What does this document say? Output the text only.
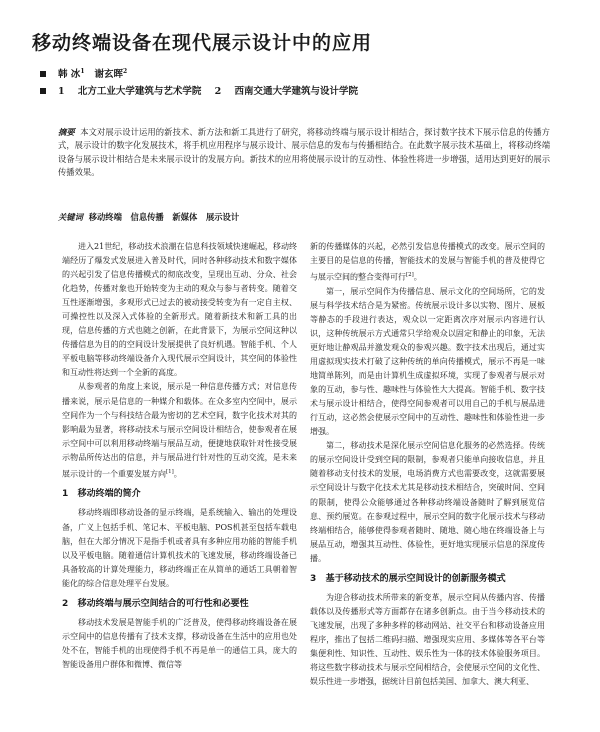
移动终端设备在现代展示设计中的应用
韩 冰$^1$ 谢玄晖$^2$
1 北方工业大学建筑与艺术学院 2 西南交通大学建筑与设计学院
摘要 本文对展示设计运用的新技术、新方法和新工具进行了研究，将移动终端与展示设计相结合，探讨数字技术下展示信息的传播方式，展示设计的数字化发展技术，将手机应用程序与展示设计、展示信息的发布与传播相结合。在此数字展示技术基础上，将移动终端设备与展示设计相结合是未来展示设计的发展方向。新技术的应用将使展示设计的互动性、体验性将进一步增强，适用达到更好的展示传播效果。
关键词 移动终端   信息传播   新媒体   展示设计

进入21世纪，移动技术浪潮在信息科技领域快速崛起，移动终端经历了爆发式发展进入普及时代，同时各种移动技术和数字媒体的兴起引发了信息传播模式的彻底改变，呈现出互动、分众、社会化趋势，传播对象也开始转变为主动的观众与参与者转变。随着交互性逐渐增强，多观形式已过去的被动接受转变为有一定自主权、可操控性以及深入式体验的全新形式。随着新技术和新工具的出现，信息传播的方式也随之创新，在此背景下，为展示空间这种以传播信息为目的的空间设计发展提供了良好机遇。智能手机、个人平板电脑等移动终端设备介入现代展示空间设计，其空间的体验性和互动性将达到一个全新的高度。

从参观者的角度上来说，展示是一种信息传播方式；对信息传播来说，展示是信息的一种媒介和载体。在众多室内空间中，展示空间作为一个与科技结合最为密切的艺术空间，数字化技术对其的影响最为显著，将移动技术与展示空间设计相结合，使参观者在展示空间中可以利用移动终端与展品互动，便捷地获取针对性接受展示物品所传达出的信息，并与展品进行针对性的互动交流，是未来展示设计的一个重要发展方向[1]。

1   移动终端的简介

移动终端即移动设备的显示终端，是系统输入、输出的处理设备，广义上包括手机、笔记本、平板电脑、POS机甚至包括车载电脑，但在大部分情况下是指手机或者具有多种应用功能的智能手机以及平板电脑。随着通信计算机技术的飞速发展，移动终端设备已具备较高的计算处理能力，移动终端正在从简单的通话工具朝着智能化的综合信息处理平台发展。

2   移动终端与展示空间结合的可行性和必要性

移动技术发展是智能手机的广泛普及，使得移动终端设备在展示空间中的信息传播有了技术支撑，移动设备在生活中的应用也处处不在，智能手机的出现使得手机不再是单一的通信工具，庞大的智能设备用户群体和微博、微信等

新的传播媒体的兴起，必然引发信息传播模式的改变。展示空间的主要目的是信息的传播，智能技术的发展与智能手机的普及使得它与展示空间的整合变得可行[2]。

第一，展示空间作为传播信息、展示文化的空间场所，它的发展与科学技术结合是为紧密。传统展示设计多以实物、图片、展板等静态的手段进行表达，观众以一定距离次序对展示内容进行认识，这种传统展示方式通常只学给观众以固定和静止的印象，无法更好地让静观品并激发观众的参观兴趣。数字技术出现后，通过实用虚拟现实技术打破了这种传统的单向传播模式，展示不再是一味地简单陈列，而是由计算机生成虚拟环境，实现了参观者与展示对象的互动，参与性、趣味性与体验性大大提高。智能手机、数字技术与展示设计相结合，使得空间参观者可以用自己的手机与展品进行互动，这必然会使展示空间中的互动性、趣味性和体验性进一步增强。

第二，移动技术是深化展示空间信息化服务的必然选择。传统的展示空间设计受到空间的限制，参观者只能单向接收信息，并且随着移动支付技术的发展，电场消费方式也需要改变，这就需要展示空间设计与数字化技术尤其是移动技术相结合，突破时间、空间的限制，使得公众能够通过各种移动终端设备随时了解到展览信息、预约展览。在参观过程中，展示空间的数字化展示技术与移动终端相结合，能够使得参观者随时、随地、随心地在终端设备上与展品互动，增强其互动性、体验性，更好地实现展示信息的深度传播。

3   基于移动技术的展示空间设计的创新服务模式

为迎合移动技术所带来的新变革，展示空间从传播内容、传播载体以及传播形式等方面都存在诸多创新点。由于当今移动技术的飞速发展，出现了多种多样的移动网站、社交平台和移动设备应用程序，推出了包括二维码扫描、增强现实应用、多媒体等各平台等集便利性、知识性、互动性、娱乐性为一体的技术体验服务项目。将这些数字移动技术与展示空间相结合，会使展示空间的文化性、娱乐性进一步增强，据统计目前包括美国、加拿大、澳大利亚、
